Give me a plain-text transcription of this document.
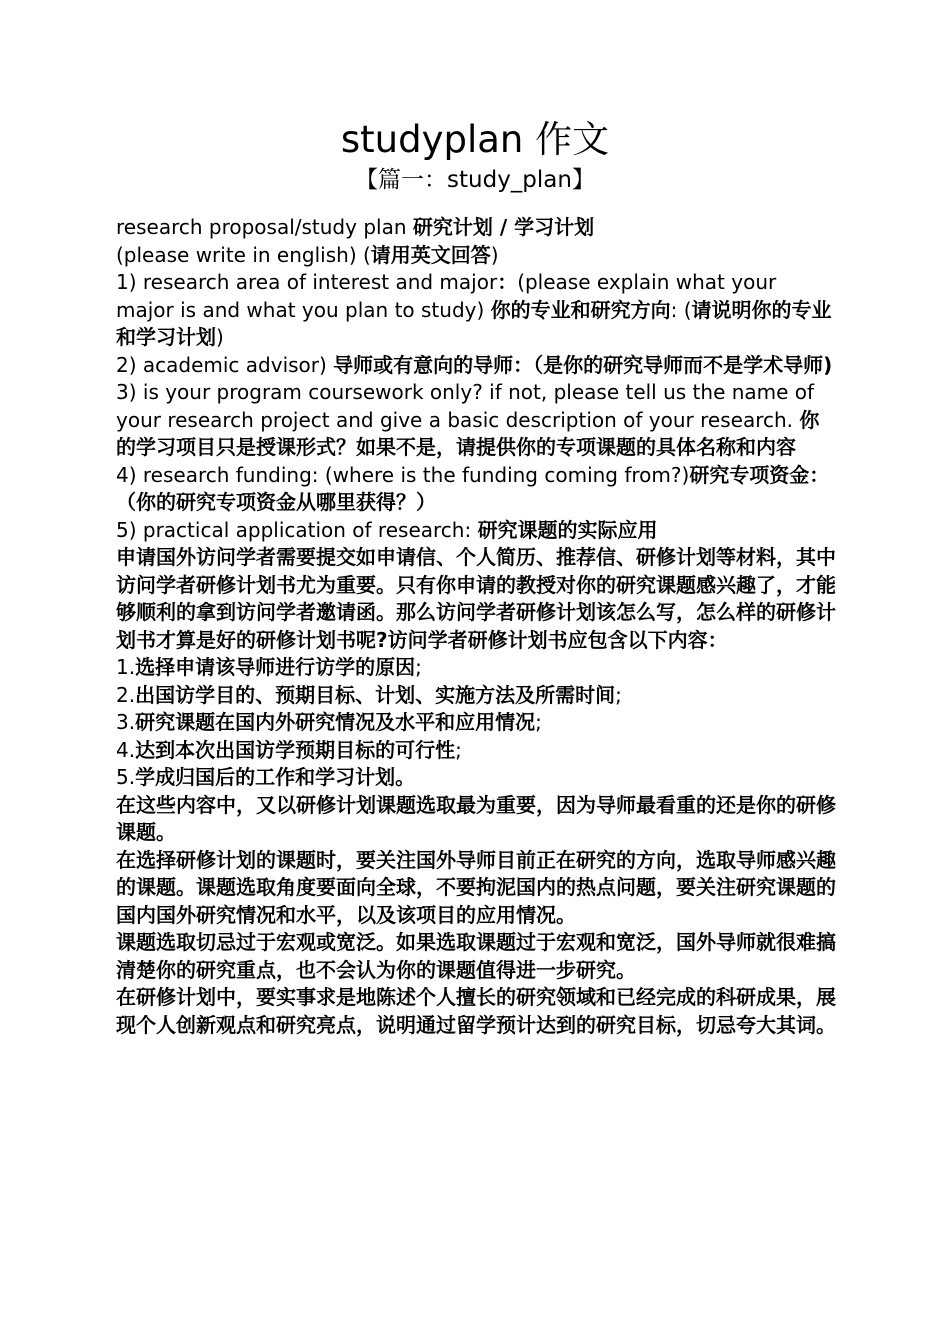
studyplan 作文
【篇一：study_plan】

research proposal/study plan 研究计划 / 学习计划

(please write in english) (请用英文回答)

1) research area of interest and major：(please explain what your major is and what you plan to study) 你的专业和研究方向: (请说明你的专业和学习计划)

2) academic advisor) 导师或有意向的导师：（是你的研究导师而不是学术导师)

3) is your program coursework only? if not, please tell us the name of your research project and give a basic description of your research. 你的学习项目只是授课形式？如果不是，请提供你的专项课题的具体名称和内容

4) research funding: (where is the funding coming from?)研究专项资金：（你的研究专项资金从哪里获得？）

5) practical application of research: 研究课题的实际应用

申请国外访问学者需要提交如申请信、个人简历、推荐信、研修计划等材料，其中访问学者研修计划书尤为重要。只有你申请的教授对你的研究课题感兴趣了，才能够顺利的拿到访问学者邀请函。那么访问学者研修计划该怎么写，怎么样的研修计划书才算是好的研修计划书呢?访问学者研修计划书应包含以下内容：

1.选择申请该导师进行访学的原因;

2.出国访学目的、预期目标、计划、实施方法及所需时间;

3.研究课题在国内外研究情况及水平和应用情况;

4.达到本次出国访学预期目标的可行性;

5.学成归国后的工作和学习计划。

在这些内容中，又以研修计划课题选取最为重要，因为导师最看重的还是你的研修课题。

在选择研修计划的课题时，要关注国外导师目前正在研究的方向，选取导师感兴趣的课题。课题选取角度要面向全球，不要拘泥国内的热点问题，要关注研究课题的国内国外研究情况和水平，以及该项目的应用情况。

课题选取切忌过于宏观或宽泛。如果选取课题过于宏观和宽泛，国外导师就很难搞清楚你的研究重点，也不会认为你的课题值得进一步研究。

在研修计划中，要实事求是地陈述个人擅长的研究领域和已经完成的科研成果，展现个人创新观点和研究亮点，说明通过留学预计达到的研究目标，切忌夸大其词。
